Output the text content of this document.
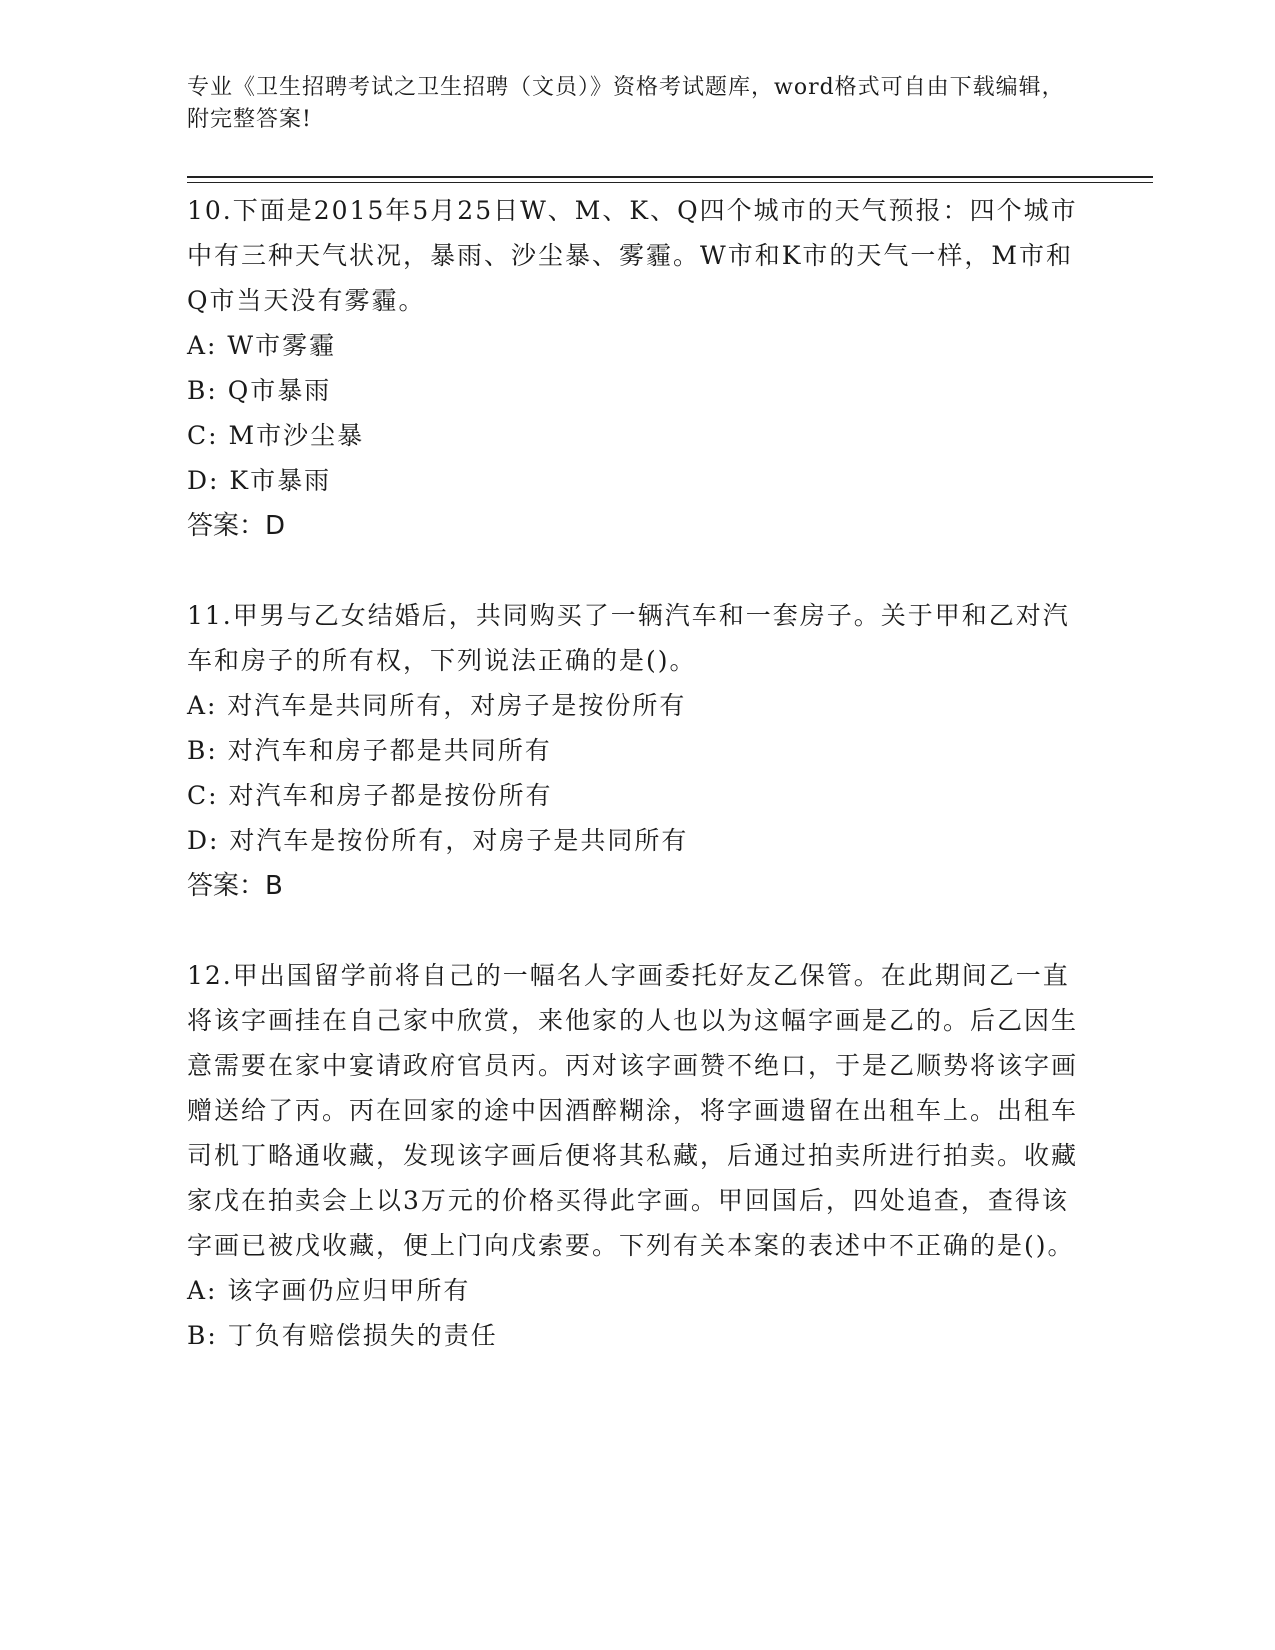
专业《卫生招聘考试之卫生招聘（文员）》资格考试题库，word格式可自由下载编辑，附完整答案!

10.下面是2015年5月25日W、M、K、Q四个城市的天气预报：四个城市中有三种天气状况，暴雨、沙尘暴、雾霾。W市和K市的天气一样，M市和Q市当天没有雾霾。

A: W市雾霾

B: Q市暴雨

C: M市沙尘暴

D: K市暴雨

答案：D

11.甲男与乙女结婚后，共同购买了一辆汽车和一套房子。关于甲和乙对汽车和房子的所有权，下列说法正确的是()。

A: 对汽车是共同所有，对房子是按份所有

B: 对汽车和房子都是共同所有

C: 对汽车和房子都是按份所有

D: 对汽车是按份所有，对房子是共同所有

答案：B

12.甲出国留学前将自己的一幅名人字画委托好友乙保管。在此期间乙一直将该字画挂在自己家中欣赏，来他家的人也以为这幅字画是乙的。后乙因生意需要在家中宴请政府官员丙。丙对该字画赞不绝口，于是乙顺势将该字画赠送给了丙。丙在回家的途中因酒醉糊涂，将字画遗留在出租车上。出租车司机丁略通收藏，发现该字画后便将其私藏，后通过拍卖所进行拍卖。收藏家戊在拍卖会上以3万元的价格买得此字画。甲回国后，四处追查，查得该字画已被戊收藏，便上门向戊索要。下列有关本案的表述中不正确的是()。

A: 该字画仍应归甲所有

B: 丁负有赔偿损失的责任
